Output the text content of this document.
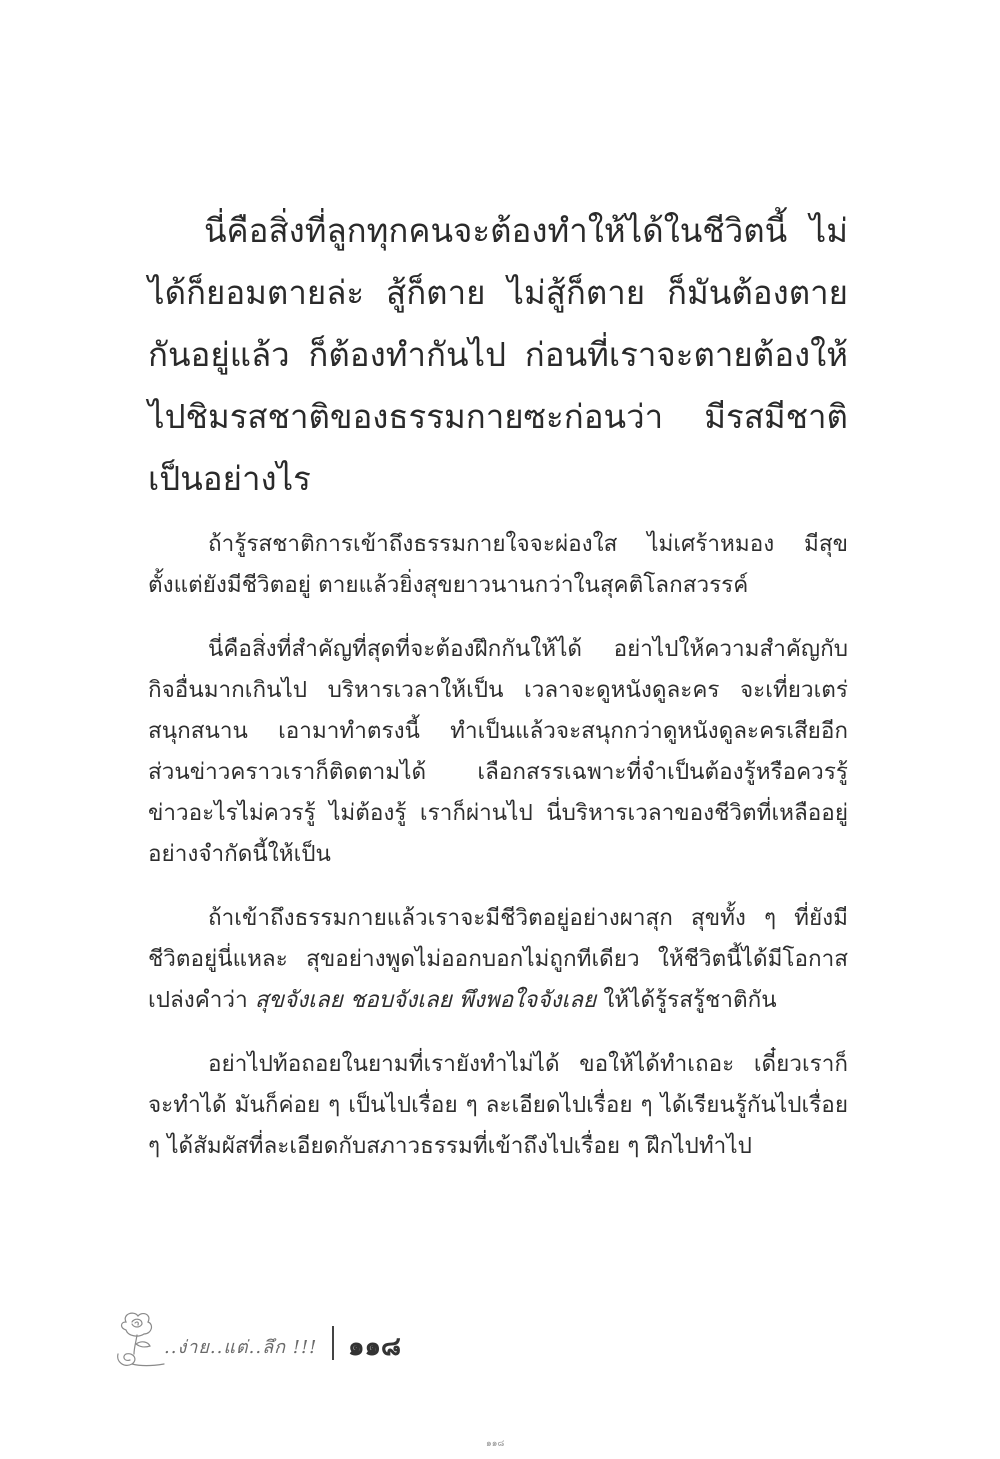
นี่คือสิ่งที่ลูกทุกคนจะต้องทำให้ได้ในชีวิตนี้ ไม่ได้ก็ยอมตายล่ะ สู้ก็ตาย ไม่สู้ก็ตาย ก็มันต้องตายกันอยู่แล้ว ก็ต้องทำกันไป ก่อนที่เราจะตายต้องให้ไปชิมรสชาติของธรรมกายซะก่อนว่า มีรสมีชาติเป็นอย่างไร

ถ้ารู้รสชาติการเข้าถึงธรรมกายใจจะผ่องใส ไม่เศร้าหมอง มีสุขตั้งแต่ยังมีชีวิตอยู่ ตายแล้วยิ่งสุขยาวนานกว่าในสุคติโลกสวรรค์

นี่คือสิ่งที่สำคัญที่สุดที่จะต้องฝึกกันให้ได้ อย่าไปให้ความสำคัญกับกิจอื่นมากเกินไป บริหารเวลาให้เป็น เวลาจะดูหนังดูละคร จะเที่ยวเตร่สนุกสนาน เอามาทำตรงนี้ ทำเป็นแล้วจะสนุกกว่าดูหนังดูละครเสียอีก ส่วนข่าวคราวเราก็ติดตามได้ เลือกสรรเฉพาะที่จำเป็นต้องรู้หรือควรรู้ ข่าวอะไรไม่ควรรู้ ไม่ต้องรู้ เราก็ผ่านไป นี่บริหารเวลาของชีวิตที่เหลืออยู่อย่างจำกัดนี้ให้เป็น

ถ้าเข้าถึงธรรมกายแล้วเราจะมีชีวิตอยู่อย่างผาสุก สุขทั้ง ๆ ที่ยังมีชีวิตอยู่นี่แหละ สุขอย่างพูดไม่ออกบอกไม่ถูกทีเดียว ให้ชีวิตนี้ได้มีโอกาสเปล่งคำว่า สุขจังเลย ชอบจังเลย พึงพอใจจังเลย ให้ได้รู้รสรู้ชาติกัน

อย่าไปท้อถอยในยามที่เรายังทำไม่ได้ ขอให้ได้ทำเถอะ เดี๋ยวเราก็จะทำได้ มันก็ค่อย ๆ เป็นไปเรื่อย ๆ ละเอียดไปเรื่อย ๆ ได้เรียนรู้กันไปเรื่อย ๆ ได้สัมผัสที่ละเอียดกับสภาวธรรมที่เข้าถึงไปเรื่อย ๆ ฝึกไปทำไป

..ง่าย..แต่..ลึก !!! ๑๑๘
๑๑๘
